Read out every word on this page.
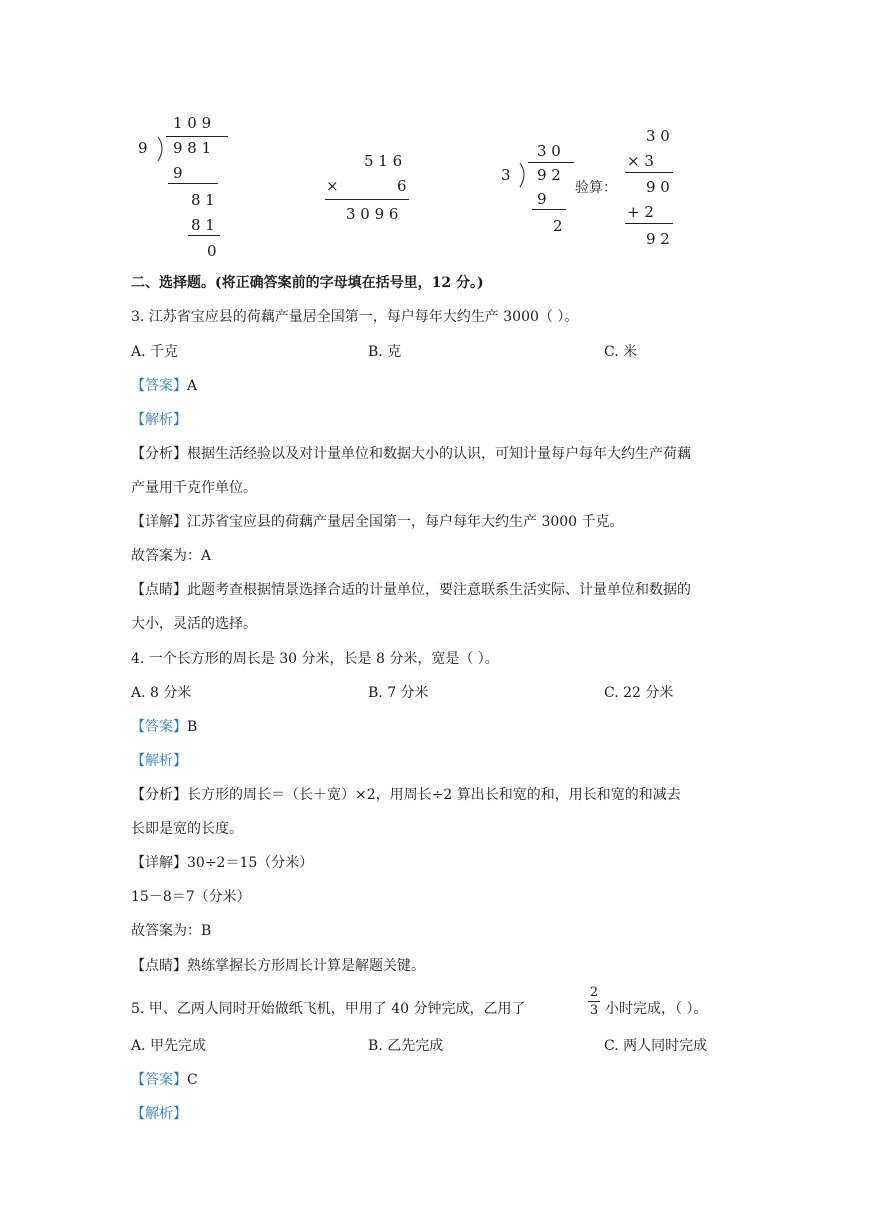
1 0 9
9 9 8 1
9
8 1
8 1
0
5 1 6
×	6
3 0 9 6
3 0
3 9 2
验算：
9
2
3 0
× 3
9 0
+ 2
9 2
二、选择题。(将正确答案前的字母填在括号里，12 分。)
3. 江苏省宝应县的荷藕产量居全国第一，每户每年大约生产 3000（ ）。
A. 千克	B. 克	C. 米
【答案】A
【解析】
【分析】根据生活经验以及对计量单位和数据大小的认识，可知计量每户每年大约生产荷藕
产量用千克作单位。
【详解】江苏省宝应县的荷藕产量居全国第一，每户每年大约生产 3000 千克。
故答案为：A
【点睛】此题考查根据情景选择合适的计量单位，要注意联系生活实际、计量单位和数据的
大小，灵活的选择。
4. 一个长方形的周长是 30 分米，长是 8 分米，宽是（ ）。
A. 8 分米	B. 7 分米	C. 22 分米
【答案】B
【解析】
【分析】长方形的周长＝（长＋宽）×2，用周长÷2 算出长和宽的和，用长和宽的和减去
长即是宽的长度。
【详解】30÷2＝15（分米）
15－8＝7（分米）
故答案为：B
【点睛】熟练掌握长方形周长计算是解题关键。
5. 甲、乙两人同时开始做纸飞机，甲用了 40 分钟完成，乙用了
2
3 小时完成，（ ）。
A. 甲先完成	B. 乙先完成	C. 两人同时完成
【答案】C
【解析】
